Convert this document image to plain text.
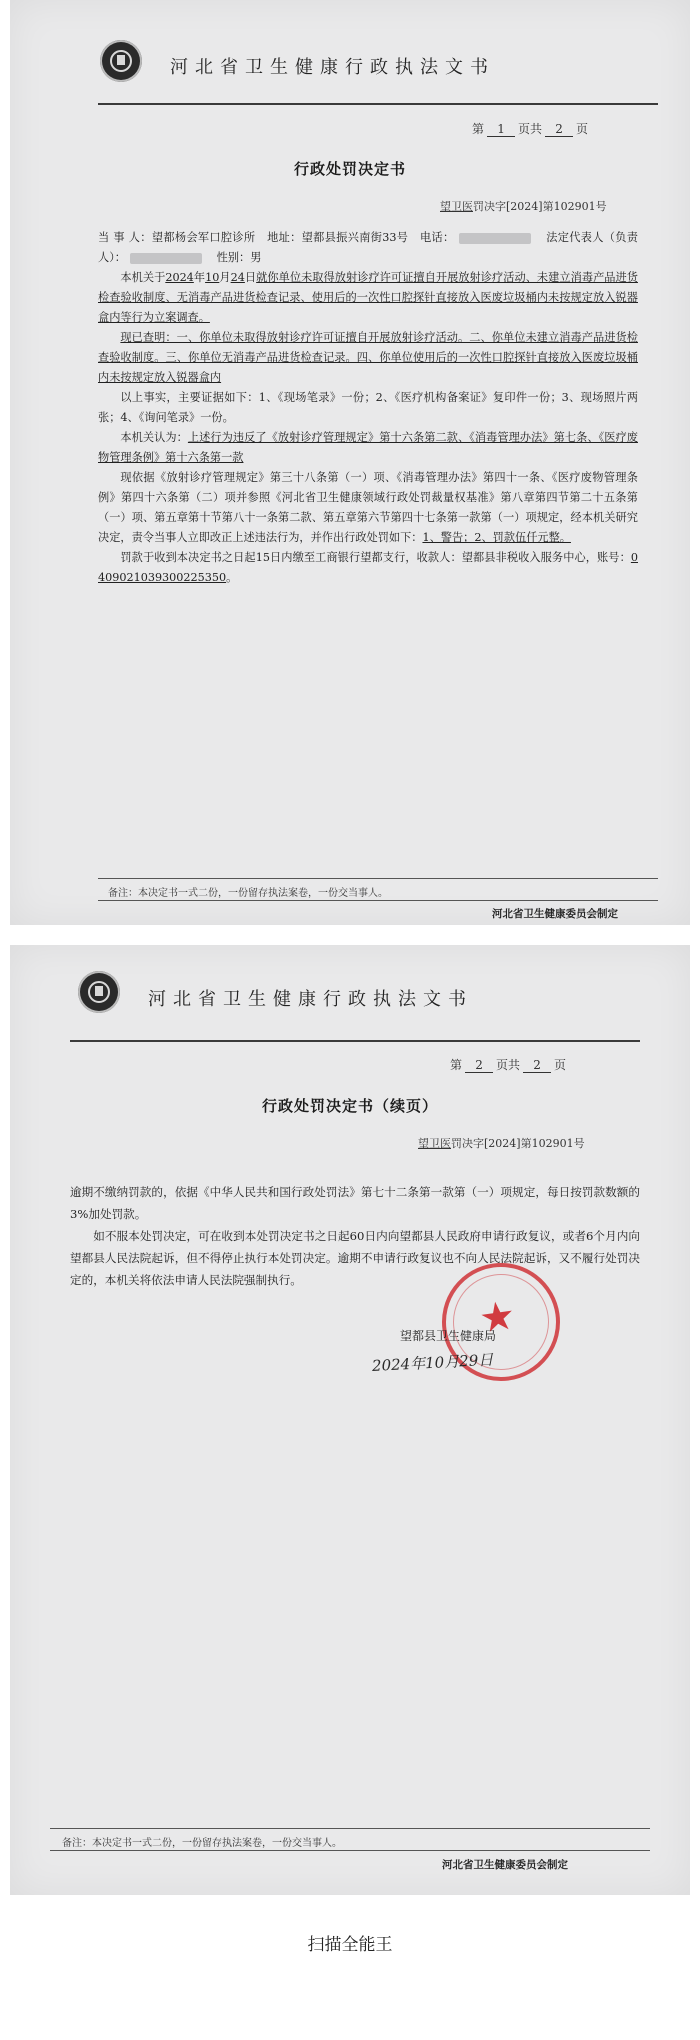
河北省卫生健康行政执法文书
第 1 页共 2 页
行政处罚决定书
望卫医罚决字[2024]第102901号

当 事 人：望都杨会军口腔诊所 地址：望都县振兴南街33号 电话：	法定代表人（负责人）：	性别：男

本机关于2024年10月24日就你单位未取得放射诊疗许可证擅自开展放射诊疗活动、未建立消毒产品进货检查验收制度、无消毒产品进货检查记录、使用后的一次性口腔探针直接放入医废垃圾桶内未按规定放入锐器盒内等行为立案调查。

现已查明：一、你单位未取得放射诊疗许可证擅自开展放射诊疗活动。二、你单位未建立消毒产品进货检查验收制度。三、你单位无消毒产品进货检查记录。四、你单位使用后的一次性口腔探针直接放入医废垃圾桶内未按规定放入锐器盒内

以上事实，主要证据如下：1、《现场笔录》一份；2、《医疗机构备案证》复印件一份；3、现场照片两张；4、《询问笔录》一份。

本机关认为：上述行为违反了《放射诊疗管理规定》第十六条第二款、《消毒管理办法》第七条、《医疗废物管理条例》第十六条第一款

现依据《放射诊疗管理规定》第三十八条第（一）项、《消毒管理办法》第四十一条、《医疗废物管理条例》第四十六条第（二）项并参照《河北省卫生健康领域行政处罚裁量权基准》第八章第四节第二十五条第（一）项、第五章第十节第八十一条第二款、第五章第六节第四十七条第一款第（一）项规定，经本机关研究决定，责令当事人立即改正上述违法行为，并作出行政处罚如下：1、警告；2、罚款伍仟元整。

罚款于收到本决定书之日起15日内缴至工商银行望都支行，收款人：望都县非税收入服务中心，账号：0409021039300225350。

备注：本决定书一式二份，一份留存执法案卷，一份交当事人。
河北省卫生健康委员会制定
河北省卫生健康行政执法文书
第 2 页共 2 页
行政处罚决定书（续页）
望卫医罚决字[2024]第102901号

逾期不缴纳罚款的，依据《中华人民共和国行政处罚法》第七十二条第一款第（一）项规定，每日按罚款数额的3%加处罚款。

如不服本处罚决定，可在收到本处罚决定书之日起60日内向望都县人民政府申请行政复议，或者6个月内向望都县人民法院起诉，但不得停止执行本处罚决定。逾期不申请行政复议也不向人民法院起诉，又不履行处罚决定的，本机关将依法申请人民法院强制执行。

★
望都县卫生健康局
2024年10月29日
备注：本决定书一式二份，一份留存执法案卷，一份交当事人。
河北省卫生健康委员会制定
扫描全能王
